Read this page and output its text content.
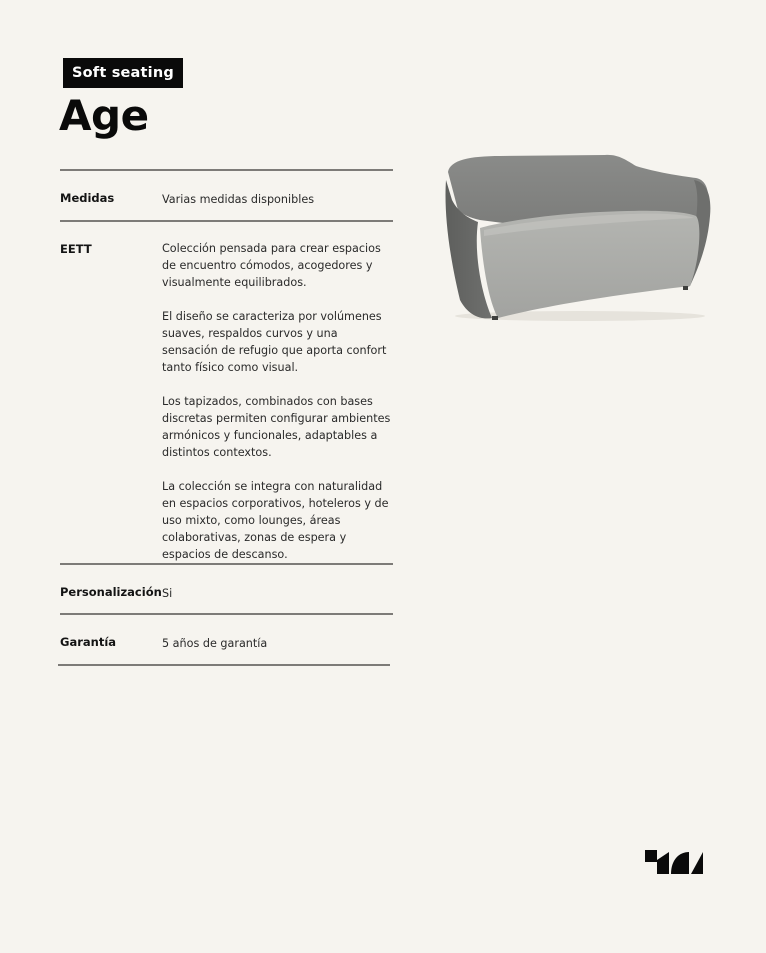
Soft seating
Age
Medidas	Varias medidas disponibles
EETT	Colección pensada para crear espacios de encuentro cómodos, acogedores y visualmente equilibrados.

El diseño se caracteriza por volúmenes suaves, respaldos curvos y una sensación de refugio que aporta confort tanto físico como visual.

Los tapizados, combinados con bases discretas permiten configurar ambientes armónicos y funcionales, adaptables a distintos contextos.

La colección se integra con naturalidad en espacios corporativos, hoteleros y de uso mixto, como lounges, áreas colaborativas, zonas de espera y espacios de descanso.

Personalización Si
Garantía	5 años de garantía
